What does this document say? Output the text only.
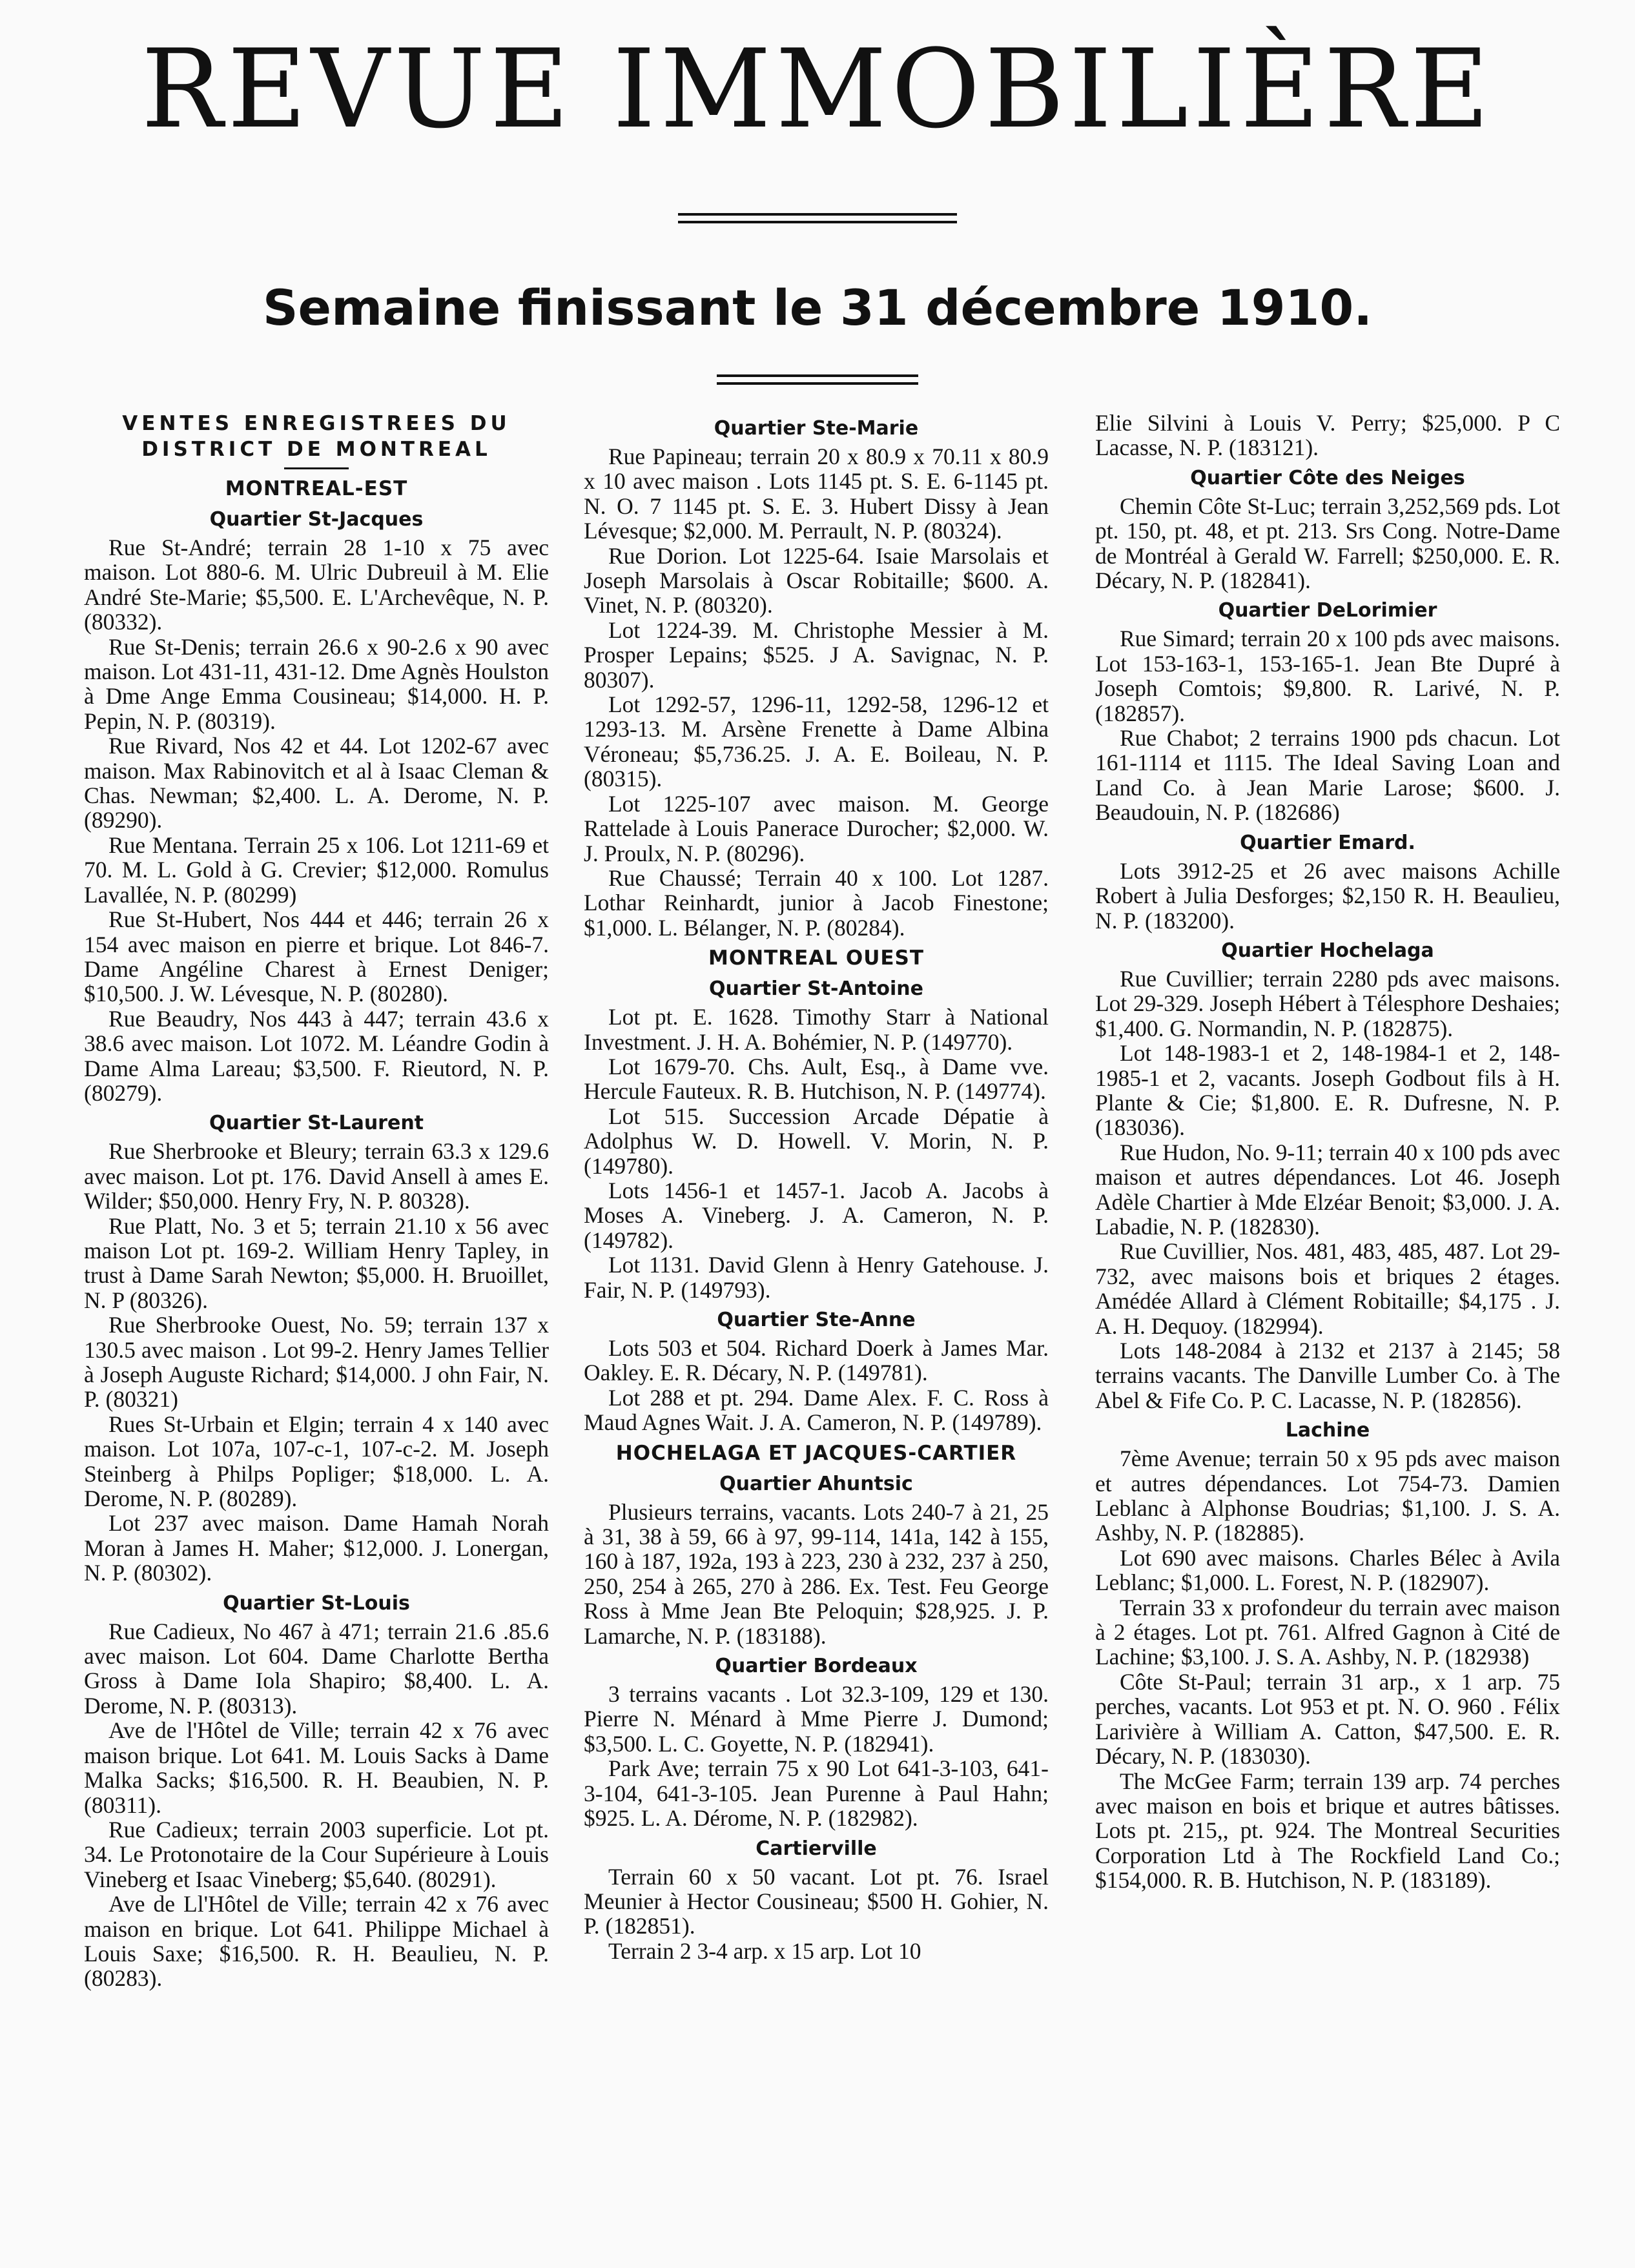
REVUE IMMOBILIÈRE
Semaine finissant le 31 décembre 1910.
VENTES ENREGISTREES DU DISTRICT DE MONTREAL
MONTREAL-EST
Quartier St-Jacques

Rue St-André; terrain 28 1-10 x 75 avec maison. Lot 880-6. M. Ulric Dubreuil à M. Elie André Ste-Marie; $5,500. E. L'Archevêque, N. P. (80332).

Rue St-Denis; terrain 26.6 x 90-2.6 x 90 avec maison. Lot 431-11, 431-12. Dme Agnès Houlston à Dme Ange Emma Cousineau; $14,000. H. P. Pepin, N. P. (80319).

Rue Rivard, Nos 42 et 44. Lot 1202-67 avec maison. Max Rabinovitch et al à Isaac Cleman & Chas. Newman; $2,400. L. A. Derome, N. P. (89290).

Rue Mentana. Terrain 25 x 106. Lot 1211-69 et 70. M. L. Gold à G. Crevier; $12,000. Romulus Lavallée, N. P. (80299)

Rue St-Hubert, Nos 444 et 446; terrain 26 x 154 avec maison en pierre et brique. Lot 846-7. Dame Angéline Charest à Ernest Deniger; $10,500. J. W. Lévesque, N. P. (80280).

Rue Beaudry, Nos 443 à 447; terrain 43.6 x 38.6 avec maison. Lot 1072. M. Léandre Godin à Dame Alma Lareau; $3,500. F. Rieutord, N. P. (80279).

Quartier St-Laurent

Rue Sherbrooke et Bleury; terrain 63.3 x 129.6 avec maison. Lot pt. 176. David Ansell à ames E. Wilder; $50,000. Henry Fry, N. P. 80328).

Rue Platt, No. 3 et 5; terrain 21.10 x 56 avec maison Lot pt. 169-2. William Henry Tapley, in trust à Dame Sarah Newton; $5,000. H. Bruoillet, N. P (80326).

Rue Sherbrooke Ouest, No. 59; terrain 137 x 130.5 avec maison . Lot 99-2. Henry James Tellier à Joseph Auguste Richard; $14,000. J ohn Fair, N. P. (80321)

Rues St-Urbain et Elgin; terrain 4 x 140 avec maison. Lot 107a, 107-c-1, 107-c-2. M. Joseph Steinberg à Philps Popliger; $18,000. L. A. Derome, N. P. (80289).

Lot 237 avec maison. Dame Hamah Norah Moran à James H. Maher; $12,000. J. Lonergan, N. P. (80302).

Quartier St-Louis

Rue Cadieux, No 467 à 471; terrain 21.6 .85.6 avec maison. Lot 604. Dame Charlotte Bertha Gross à Dame Iola Shapiro; $8,400. L. A. Derome, N. P. (80313).

Ave de l'Hôtel de Ville; terrain 42 x 76 avec maison brique. Lot 641. M. Louis Sacks à Dame Malka Sacks; $16,500. R. H. Beaubien, N. P. (80311).

Rue Cadieux; terrain 2003 superficie. Lot pt. 34. Le Protonotaire de la Cour Supérieure à Louis Vineberg et Isaac Vineberg; $5,640. (80291).

Ave de Ll'Hôtel de Ville; terrain 42 x 76 avec maison en brique. Lot 641. Philippe Michael à Louis Saxe; $16,500. R. H. Beaulieu, N. P. (80283).

Quartier Ste-Marie

Rue Papineau; terrain 20 x 80.9 x 70.11 x 80.9 x 10 avec maison . Lots 1145 pt. S. E. 6-1145 pt. N. O. 7 1145 pt. S. E. 3. Hubert Dissy à Jean Lévesque; $2,000. M. Perrault, N. P. (80324).

Rue Dorion. Lot 1225-64. Isaie Marsolais et Joseph Marsolais à Oscar Robitaille; $600. A. Vinet, N. P. (80320).

Lot 1224-39. M. Christophe Messier à M. Prosper Lepains; $525. J A. Savignac, N. P. 80307).

Lot 1292-57, 1296-11, 1292-58, 1296-12 et 1293-13. M. Arsène Frenette à Dame Albina Véroneau; $5,736.25. J. A. E. Boileau, N. P. (80315).

Lot 1225-107 avec maison. M. George Rattelade à Louis Panerace Durocher; $2,000. W. J. Proulx, N. P. (80296).

Rue Chaussé; Terrain 40 x 100. Lot 1287. Lothar Reinhardt, junior à Jacob Finestone; $1,000. L. Bélanger, N. P. (80284).

MONTREAL OUEST
Quartier St-Antoine

Lot pt. E. 1628. Timothy Starr à National Investment. J. H. A. Bohémier, N. P. (149770).

Lot 1679-70. Chs. Ault, Esq., à Dame vve. Hercule Fauteux. R. B. Hutchison, N. P. (149774).

Lot 515. Succession Arcade Dépatie à Adolphus W. D. Howell. V. Morin, N. P. (149780).

Lots 1456-1 et 1457-1. Jacob A. Jacobs à Moses A. Vineberg. J. A. Cameron, N. P. (149782).

Lot 1131. David Glenn à Henry Gatehouse. J. Fair, N. P. (149793).

Quartier Ste-Anne

Lots 503 et 504. Richard Doerk à James Mar. Oakley. E. R. Décary, N. P. (149781).

Lot 288 et pt. 294. Dame Alex. F. C. Ross à Maud Agnes Wait. J. A. Cameron, N. P. (149789).

HOCHELAGA ET JACQUES-CARTIER
Quartier Ahuntsic

Plusieurs terrains, vacants. Lots 240-7 à 21, 25 à 31, 38 à 59, 66 à 97, 99-114, 141a, 142 à 155, 160 à 187, 192a, 193 à 223, 230 à 232, 237 à 250, 250, 254 à 265, 270 à 286. Ex. Test. Feu George Ross à Mme Jean Bte Peloquin; $28,925. J. P. Lamarche, N. P. (183188).

Quartier Bordeaux

3 terrains vacants . Lot 32.3-109, 129 et 130. Pierre N. Ménard à Mme Pierre J. Dumond; $3,500. L. C. Goyette, N. P. (182941).

Park Ave; terrain 75 x 90 Lot 641-3-103, 641-3-104, 641-3-105. Jean Purenne à Paul Hahn; $925. L. A. Dérome, N. P. (182982).

Cartierville

Terrain 60 x 50 vacant. Lot pt. 76. Israel Meunier à Hector Cousineau; $500 H. Gohier, N. P. (182851).

Terrain 2 3-4 arp. x 15 arp. Lot 10

Elie Silvini à Louis V. Perry; $25,000. P C Lacasse, N. P. (183121).

Quartier Côte des Neiges

Chemin Côte St-Luc; terrain 3,252,569 pds. Lot pt. 150, pt. 48, et pt. 213. Srs Cong. Notre-Dame de Montréal à Gerald W. Farrell; $250,000. E. R. Décary, N. P. (182841).

Quartier DeLorimier

Rue Simard; terrain 20 x 100 pds avec maisons. Lot 153-163-1, 153-165-1. Jean Bte Dupré à Joseph Comtois; $9,800. R. Larivé, N. P. (182857).

Rue Chabot; 2 terrains 1900 pds chacun. Lot 161-1114 et 1115. The Ideal Saving Loan and Land Co. à Jean Marie Larose; $600. J. Beaudouin, N. P. (182686)

Quartier Emard.

Lots 3912-25 et 26 avec maisons Achille Robert à Julia Desforges; $2,150 R. H. Beaulieu, N. P. (183200).

Quartier Hochelaga

Rue Cuvillier; terrain 2280 pds avec maisons. Lot 29-329. Joseph Hébert à Télesphore Deshaies; $1,400. G. Normandin, N. P. (182875).

Lot 148-1983-1 et 2, 148-1984-1 et 2, 148-1985-1 et 2, vacants. Joseph Godbout fils à H. Plante & Cie; $1,800. E. R. Dufresne, N. P. (183036).

Rue Hudon, No. 9-11; terrain 40 x 100 pds avec maison et autres dépendances. Lot 46. Joseph Adèle Chartier à Mde Elzéar Benoit; $3,000. J. A. Labadie, N. P. (182830).

Rue Cuvillier, Nos. 481, 483, 485, 487. Lot 29-732, avec maisons bois et briques 2 étages. Amédée Allard à Clément Robitaille; $4,175 . J. A. H. Dequoy. (182994).

Lots 148-2084 à 2132 et 2137 à 2145; 58 terrains vacants. The Danville Lumber Co. à The Abel & Fife Co. P. C. Lacasse, N. P. (182856).

Lachine

7ème Avenue; terrain 50 x 95 pds avec maison et autres dépendances. Lot 754-73. Damien Leblanc à Alphonse Boudrias; $1,100. J. S. A. Ashby, N. P. (182885).

Lot 690 avec maisons. Charles Bélec à Avila Leblanc; $1,000. L. Forest, N. P. (182907).

Terrain 33 x profondeur du terrain avec maison à 2 étages. Lot pt. 761. Alfred Gagnon à Cité de Lachine; $3,100. J. S. A. Ashby, N. P. (182938)

Côte St-Paul; terrain 31 arp., x 1 arp. 75 perches, vacants. Lot 953 et pt. N. O. 960 . Félix Larivière à William A. Catton, $47,500. E. R. Décary, N. P. (183030).

The McGee Farm; terrain 139 arp. 74 perches avec maison en bois et brique et autres bâtisses. Lots pt. 215,, pt. 924. The Montreal Securities Corporation Ltd à The Rockfield Land Co.; $154,000. R. B. Hutchison, N. P. (183189).
